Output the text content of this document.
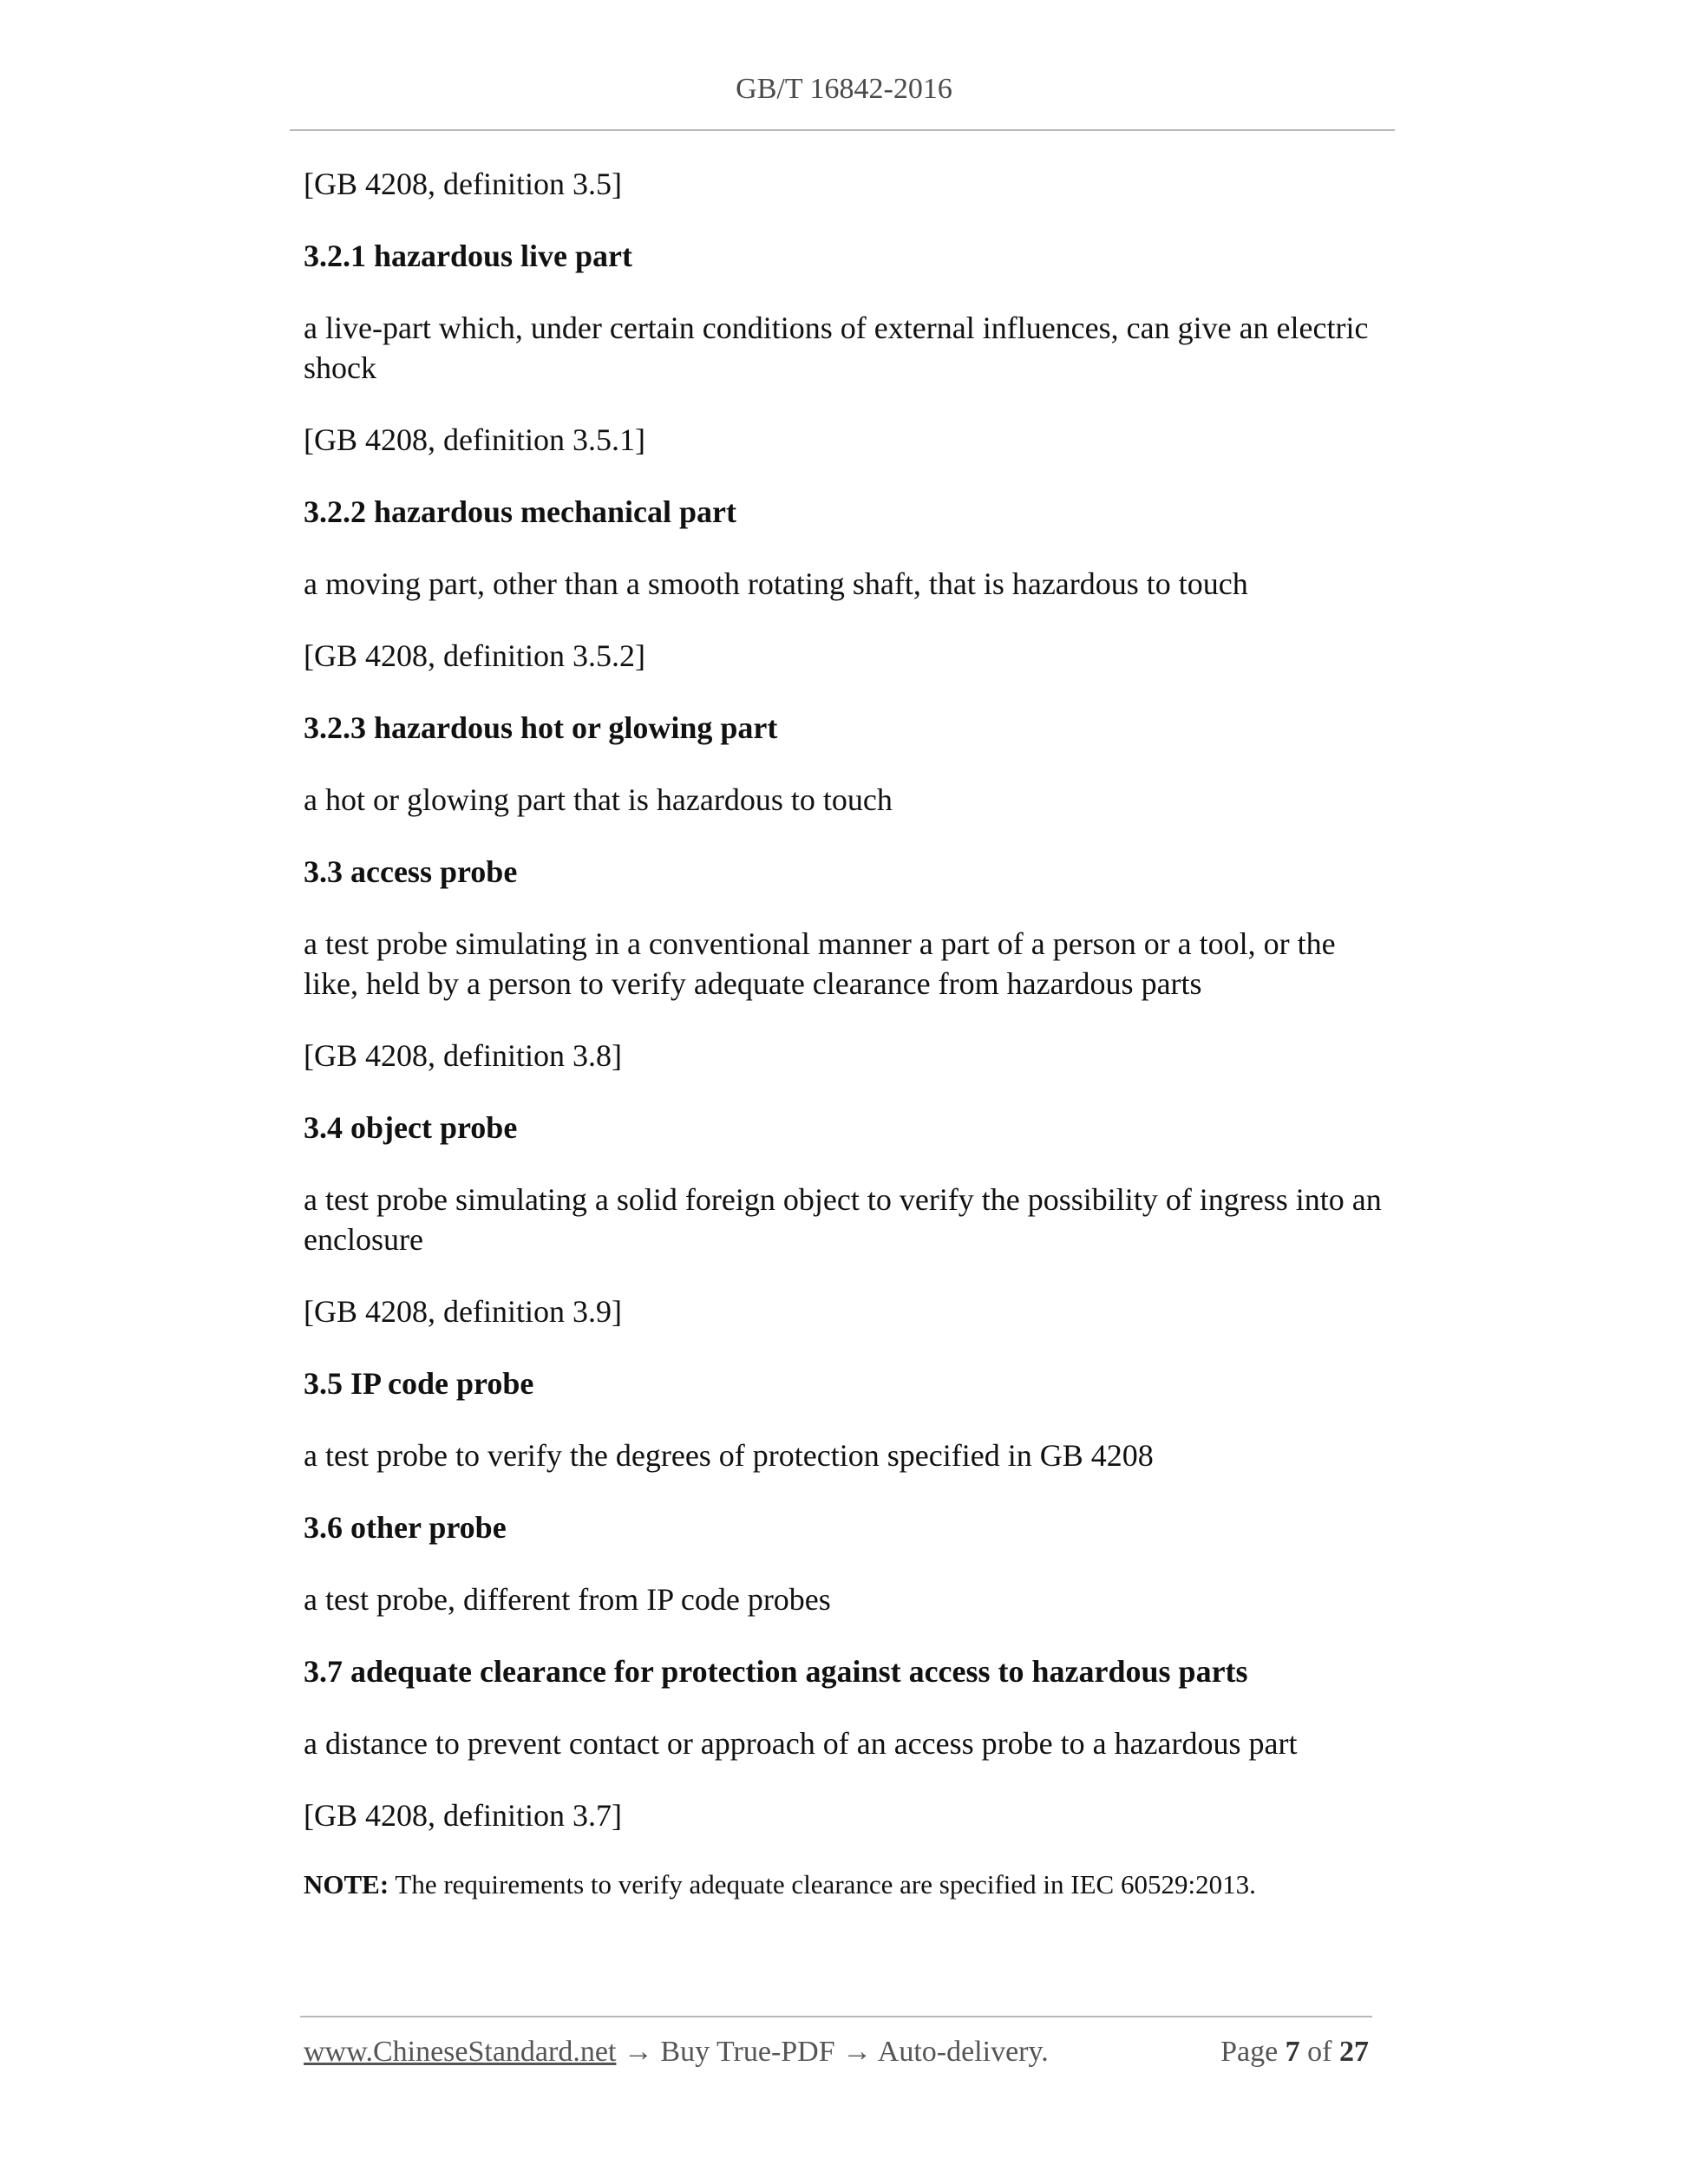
GB/T 16842-2016

[GB 4208, definition 3.5]

3.2.1 hazardous live part

a live-part which, under certain conditions of external influences, can give an electric shock

[GB 4208, definition 3.5.1]

3.2.2 hazardous mechanical part

a moving part, other than a smooth rotating shaft, that is hazardous to touch

[GB 4208, definition 3.5.2]

3.2.3 hazardous hot or glowing part

a hot or glowing part that is hazardous to touch

3.3 access probe

a test probe simulating in a conventional manner a part of a person or a tool, or the like, held by a person to verify adequate clearance from hazardous parts

[GB 4208, definition 3.8]

3.4 object probe

a test probe simulating a solid foreign object to verify the possibility of ingress into an enclosure

[GB 4208, definition 3.9]

3.5 IP code probe

a test probe to verify the degrees of protection specified in GB 4208

3.6 other probe

a test probe, different from IP code probes

3.7 adequate clearance for protection against access to hazardous parts

a distance to prevent contact or approach of an access probe to a hazardous part

[GB 4208, definition 3.7]

NOTE: The requirements to verify adequate clearance are specified in IEC 60529:2013.

www.ChineseStandard.net → Buy True-PDF → Auto-delivery.	Page 7 of 27
